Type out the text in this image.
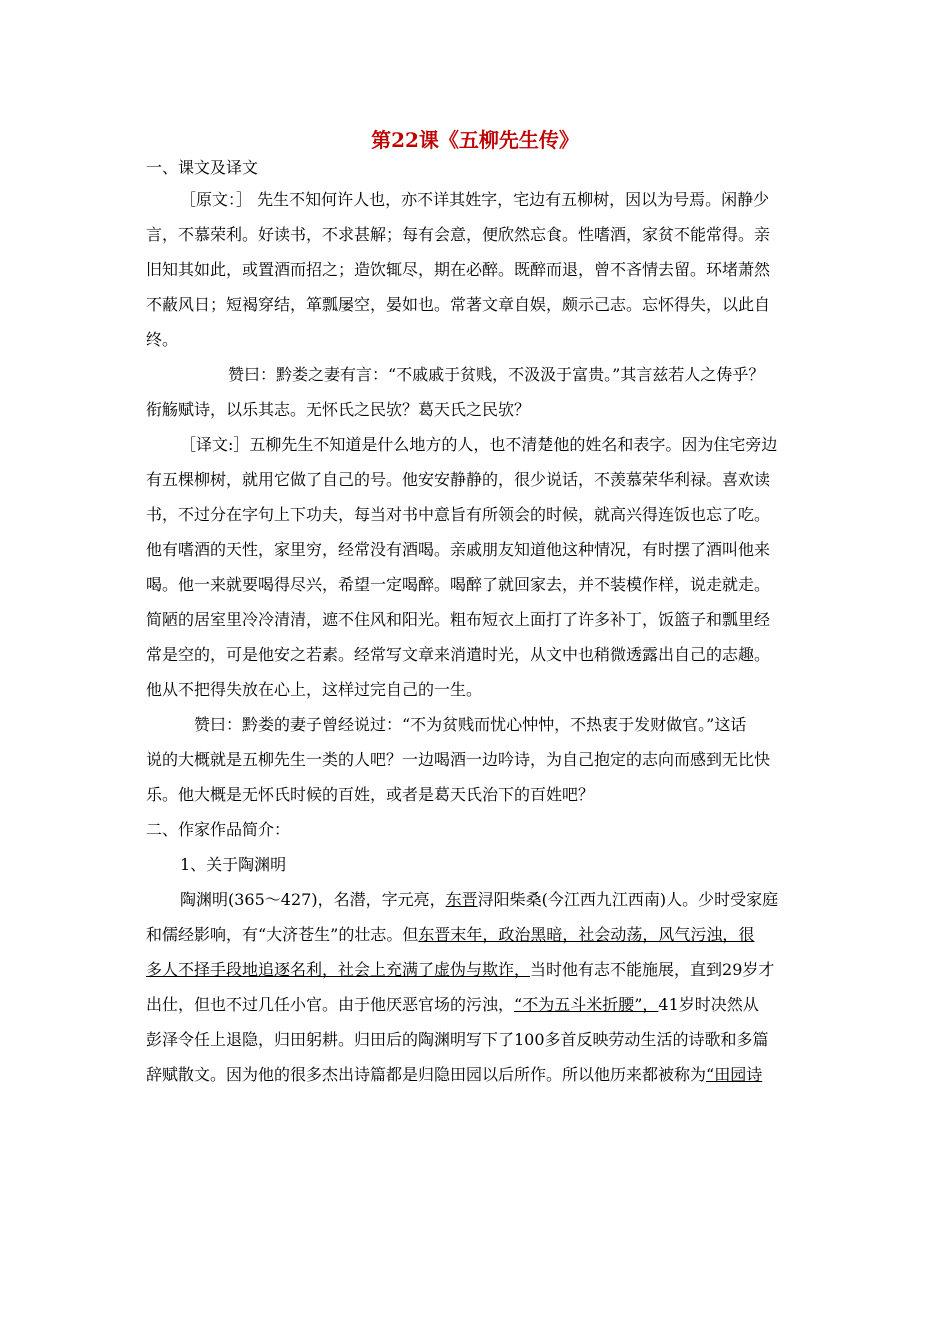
第22课《五柳先生传》
一、课文及译文
［原文：］ 先生不知何许人也，亦不详其姓字，宅边有五柳树，因以为号焉。闲静少
言，不慕荣利。好读书，不求甚解；每有会意，便欣然忘食。性嗜酒，家贫不能常得。亲
旧知其如此，或置酒而招之；造饮辄尽，期在必醉。既醉而退，曾不吝情去留。环堵萧然
不蔽风日；短褐穿结，箪瓢屡空，晏如也。常著文章自娱，颇示己志。忘怀得失，以此自
终。
赞曰：黔娄之妻有言：“不戚戚于贫贱，不汲汲于富贵。”其言兹若人之俦乎？
衔觞赋诗，以乐其志。无怀氏之民欤？葛天氏之民欤？
［译文:］五柳先生不知道是什么地方的人，也不清楚他的姓名和表字。因为住宅旁边
有五棵柳树，就用它做了自己的号。他安安静静的，很少说话，不羡慕荣华利禄。喜欢读
书，不过分在字句上下功夫，每当对书中意旨有所领会的时候，就高兴得连饭也忘了吃。
他有嗜酒的天性，家里穷，经常没有酒喝。亲戚朋友知道他这种情况，有时摆了酒叫他来
喝。他一来就要喝得尽兴，希望一定喝醉。喝醉了就回家去，并不装模作样，说走就走。
简陋的居室里冷冷清清，遮不住风和阳光。粗布短衣上面打了许多补丁，饭篮子和瓢里经
常是空的，可是他安之若素。经常写文章来消遣时光，从文中也稍微透露出自己的志趣。
他从不把得失放在心上，这样过完自己的一生。
赞曰：黔娄的妻子曾经说过：“不为贫贱而忧心忡忡，不热衷于发财做官。”这话
说的大概就是五柳先生一类的人吧？一边喝酒一边吟诗，为自己抱定的志向而感到无比快
乐。他大概是无怀氏时候的百姓，或者是葛天氏治下的百姓吧？
二、作家作品简介：
1、关于陶渊明
陶渊明(365～427)，名潜，字元亮，东晋浔阳柴桑(今江西九江西南)人。少时受家庭
和儒经影响，有“大济苍生”的壮志。但东晋末年，政治黑暗，社会动荡，风气污浊，很
多人不择手段地追逐名利，社会上充满了虚伪与欺诈，当时他有志不能施展，直到29岁才
出仕，但也不过几任小官。由于他厌恶官场的污浊，“不为五斗米折腰”，41岁时决然从
彭泽令任上退隐，归田躬耕。归田后的陶渊明写下了100多首反映劳动生活的诗歌和多篇
辞赋散文。因为他的很多杰出诗篇都是归隐田园以后所作。所以他历来都被称为“田园诗
